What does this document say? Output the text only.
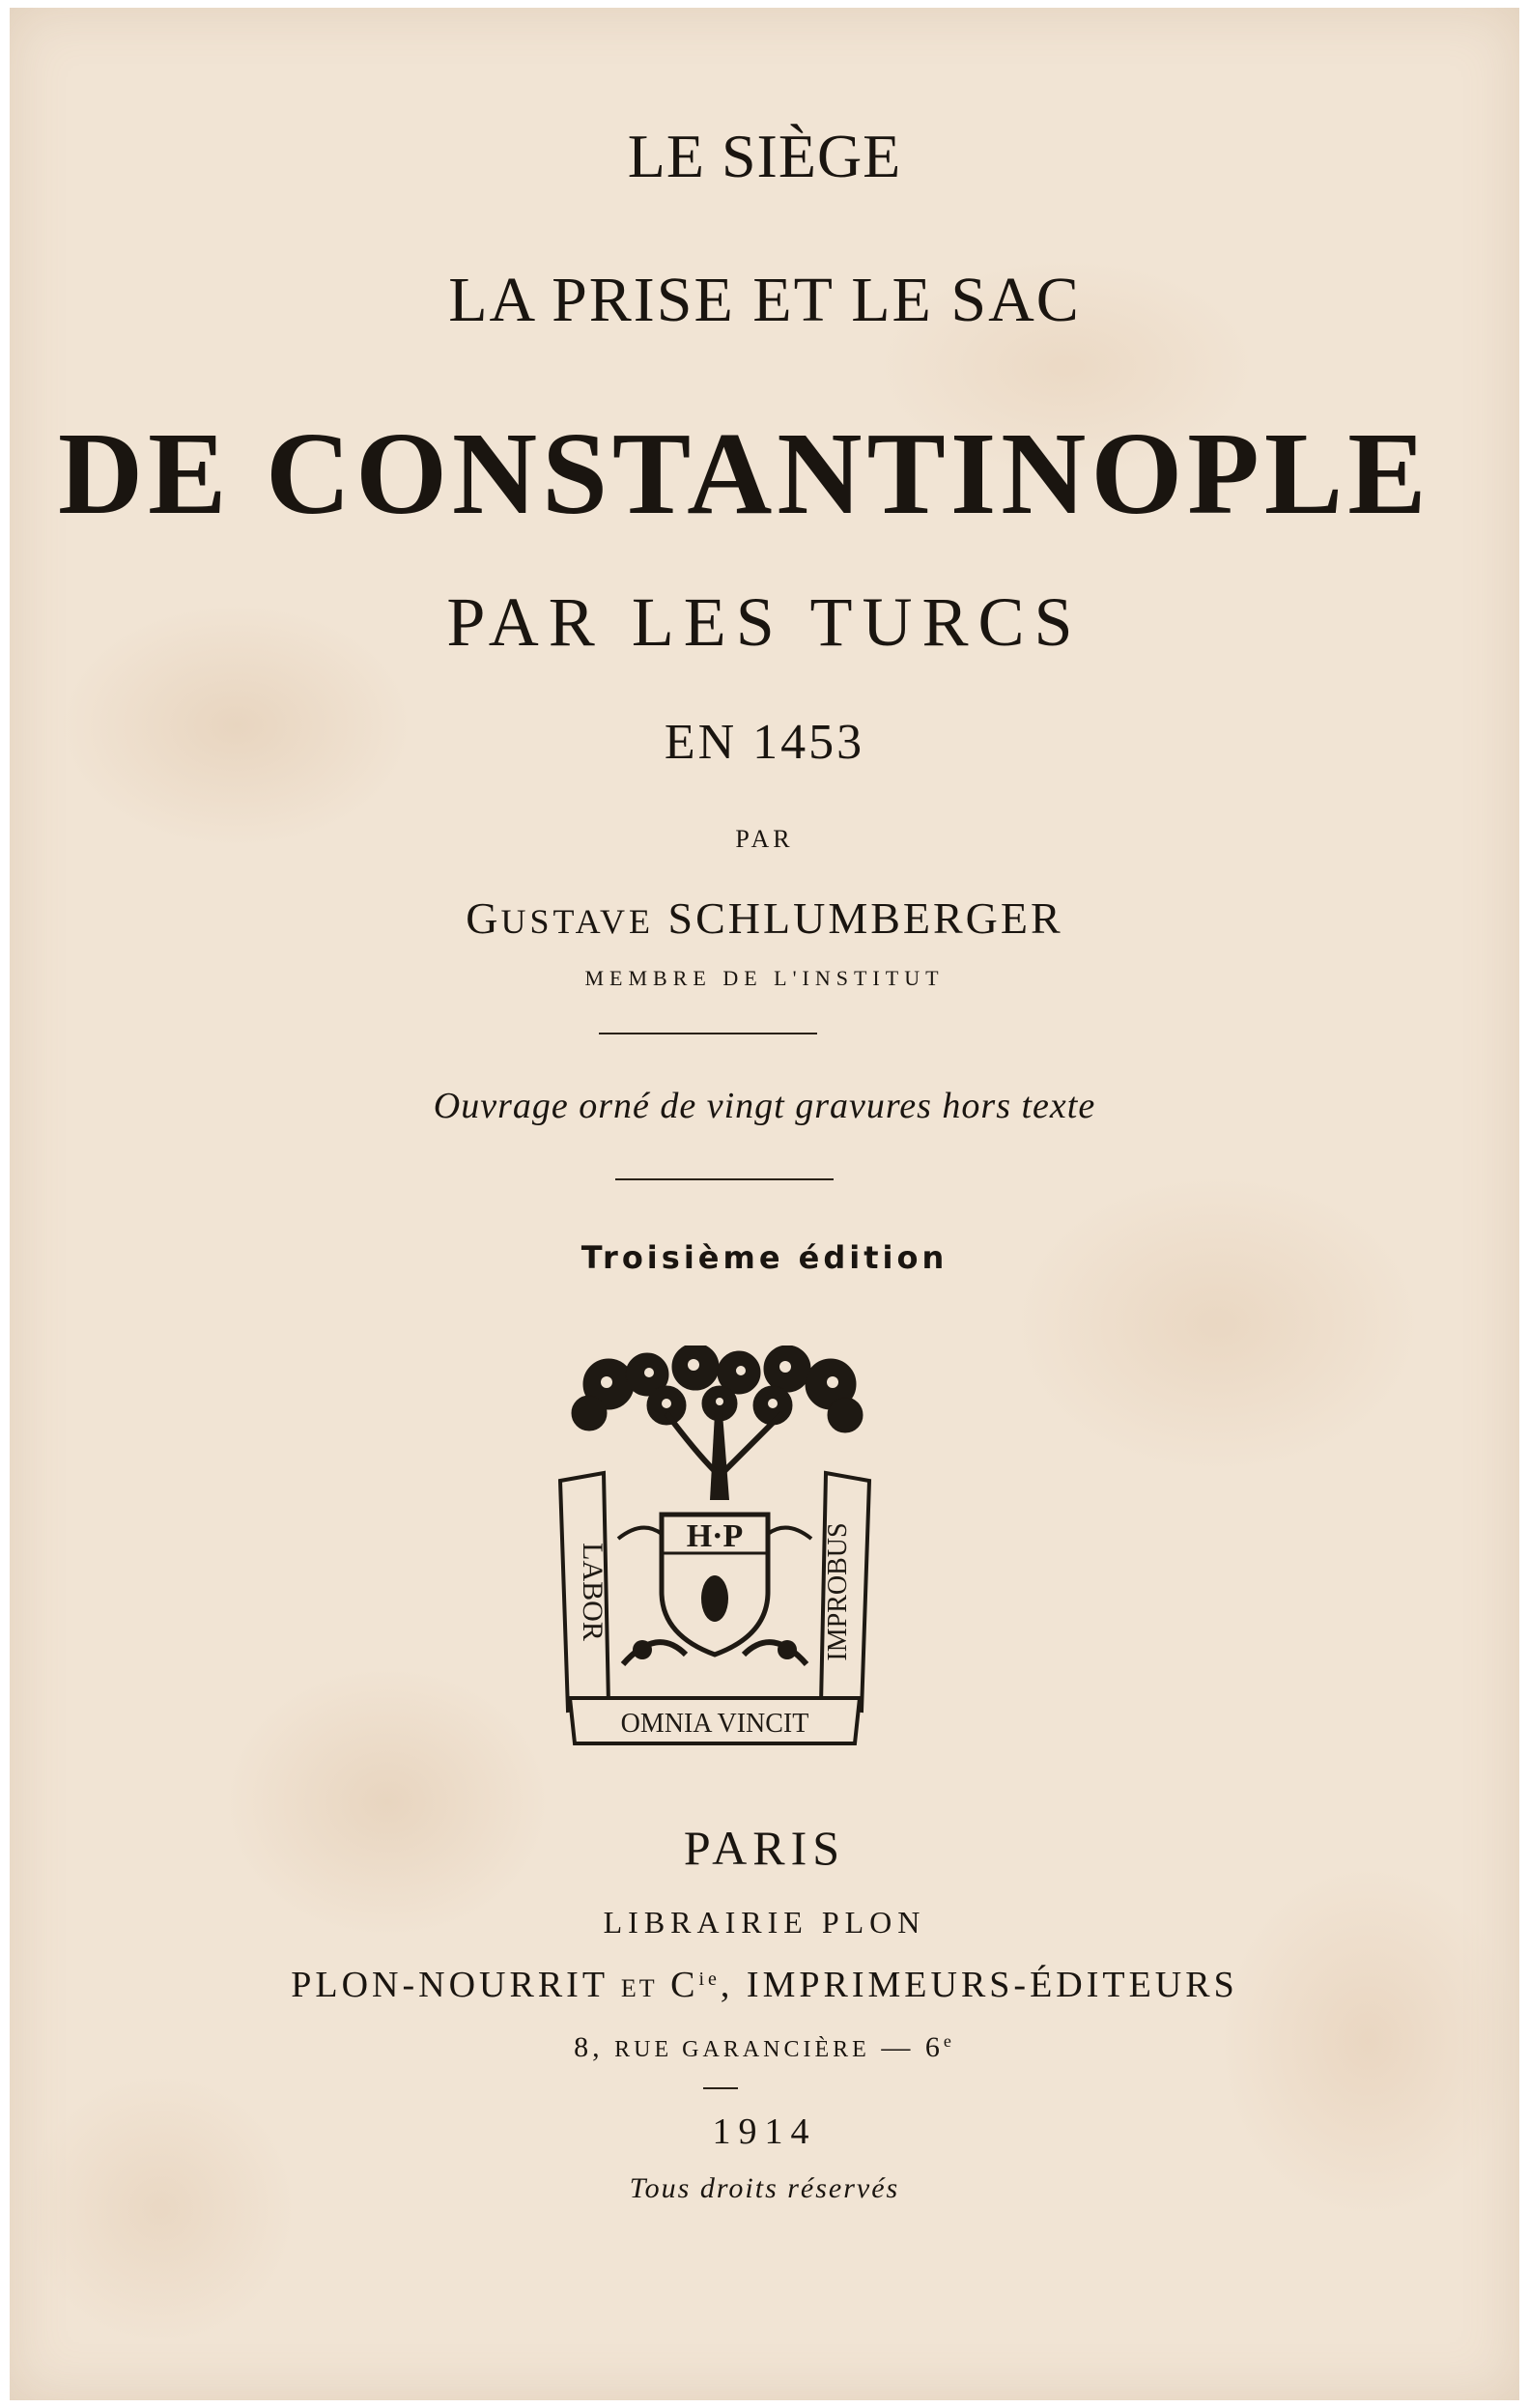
LE SIÈGE
LA PRISE ET LE SAC
DE CONSTANTINOPLE
PAR LES TURCS
EN 1453
PAR
GUSTAVE SCHLUMBERGER
MEMBRE DE L'INSTITUT
Ouvrage orné de vingt gravures hors texte
Troisième édition
LABOR	IMPROBUS
H·P
OMNIA VINCIT
PARIS
LIBRAIRIE PLON
PLON-NOURRIT ET $C^{ie}$, IMPRIMEURS-ÉDITEURS
8, RUE GARANCIÈRE — 6e
1914
Tous droits réservés
